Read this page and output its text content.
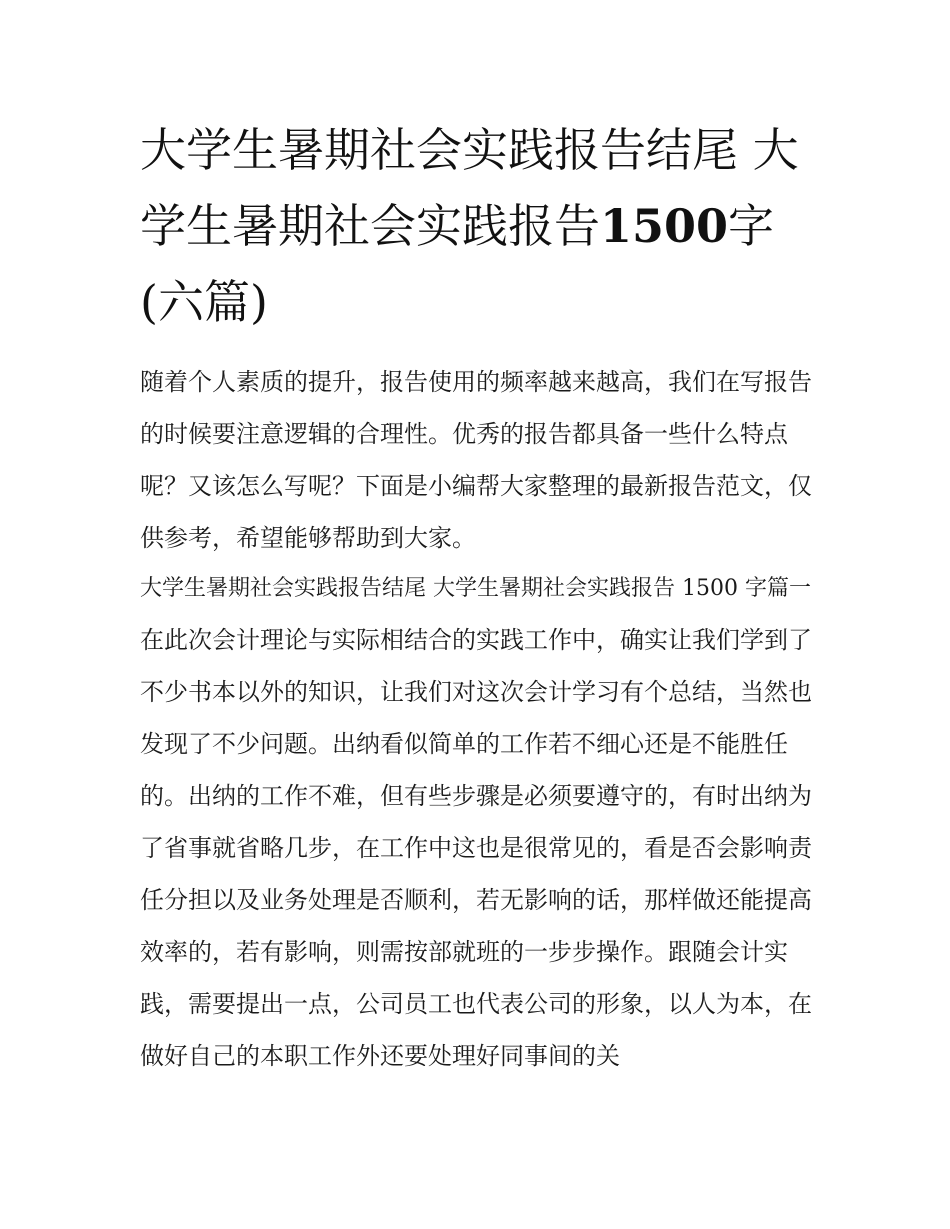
大学生暑期社会实践报告结尾 大学生暑期社会实践报告1500字(六篇)

随着个人素质的提升，报告使用的频率越来越高，我们在写报告的时候要注意逻辑的合理性。优秀的报告都具备一些什么特点呢？又该怎么写呢？下面是小编帮大家整理的最新报告范文，仅供参考，希望能够帮助到大家。

大学生暑期社会实践报告结尾 大学生暑期社会实践报告 1500 字篇一

在此次会计理论与实际相结合的实践工作中，确实让我们学到了不少书本以外的知识，让我们对这次会计学习有个总结，当然也发现了不少问题。出纳看似简单的工作若不细心还是不能胜任的。出纳的工作不难，但有些步骤是必须要遵守的，有时出纳为了省事就省略几步，在工作中这也是很常见的，看是否会影响责任分担以及业务处理是否顺利，若无影响的话，那样做还能提高效率的，若有影响，则需按部就班的一步步操作。跟随会计实践，需要提出一点，公司员工也代表公司的形象，以人为本，在做好自己的本职工作外还要处理好同事间的关
